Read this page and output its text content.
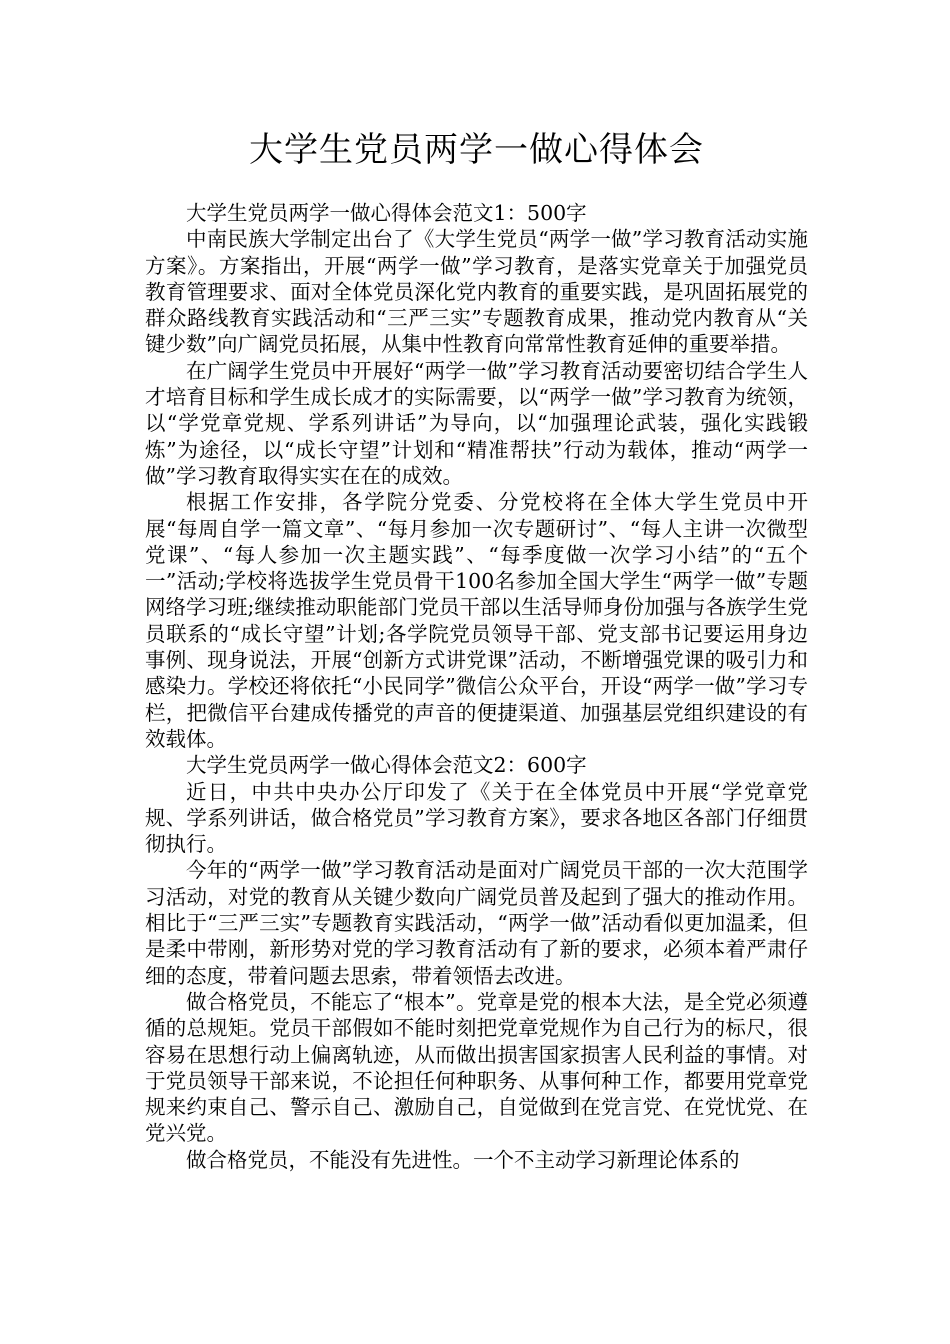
大学生党员两学一做心得体会

大学生党员两学一做心得体会范文1：500字

中南民族大学制定出台了《大学生党员“两学一做”学习教育活动实施方案》。方案指出，开展“两学一做”学习教育，是落实党章关于加强党员教育管理要求、面对全体党员深化党内教育的重要实践，是巩固拓展党的群众路线教育实践活动和“三严三实”专题教育成果，推动党内教育从“关键少数”向广阔党员拓展，从集中性教育向常常性教育延伸的重要举措。

在广阔学生党员中开展好“两学一做”学习教育活动要密切结合学生人才培育目标和学生成长成才的实际需要，以“两学一做”学习教育为统领，以“学党章党规、学系列讲话”为导向，以“加强理论武装，强化实践锻炼”为途径，以“成长守望”计划和“精准帮扶”行动为载体，推动“两学一做”学习教育取得实实在在的成效。

根据工作安排，各学院分党委、分党校将在全体大学生党员中开展“每周自学一篇文章”、“每月参加一次专题研讨”、“每人主讲一次微型党课”、“每人参加一次主题实践”、“每季度做一次学习小结”的“五个一”活动;学校将选拔学生党员骨干100名参加全国大学生“两学一做”专题网络学习班;继续推动职能部门党员干部以生活导师身份加强与各族学生党员联系的“成长守望”计划;各学院党员领导干部、党支部书记要运用身边事例、现身说法，开展“创新方式讲党课”活动，不断增强党课的吸引力和感染力。学校还将依托“小民同学”微信公众平台，开设“两学一做”学习专栏，把微信平台建成传播党的声音的便捷渠道、加强基层党组织建设的有效载体。

大学生党员两学一做心得体会范文2：600字

近日，中共中央办公厅印发了《关于在全体党员中开展“学党章党规、学系列讲话，做合格党员”学习教育方案》，要求各地区各部门仔细贯彻执行。

今年的“两学一做”学习教育活动是面对广阔党员干部的一次大范围学习活动，对党的教育从关键少数向广阔党员普及起到了强大的推动作用。相比于“三严三实”专题教育实践活动，“两学一做”活动看似更加温柔，但是柔中带刚，新形势对党的学习教育活动有了新的要求，必须本着严肃仔细的态度，带着问题去思索，带着领悟去改进。

做合格党员，不能忘了“根本”。党章是党的根本大法，是全党必须遵循的总规矩。党员干部假如不能时刻把党章党规作为自己行为的标尺，很容易在思想行动上偏离轨迹，从而做出损害国家损害人民利益的事情。对于党员领导干部来说，不论担任何种职务、从事何种工作，都要用党章党规来约束自己、警示自己、激励自己，自觉做到在党言党、在党忧党、在党兴党。

做合格党员，不能没有先进性。一个不主动学习新理论体系的
